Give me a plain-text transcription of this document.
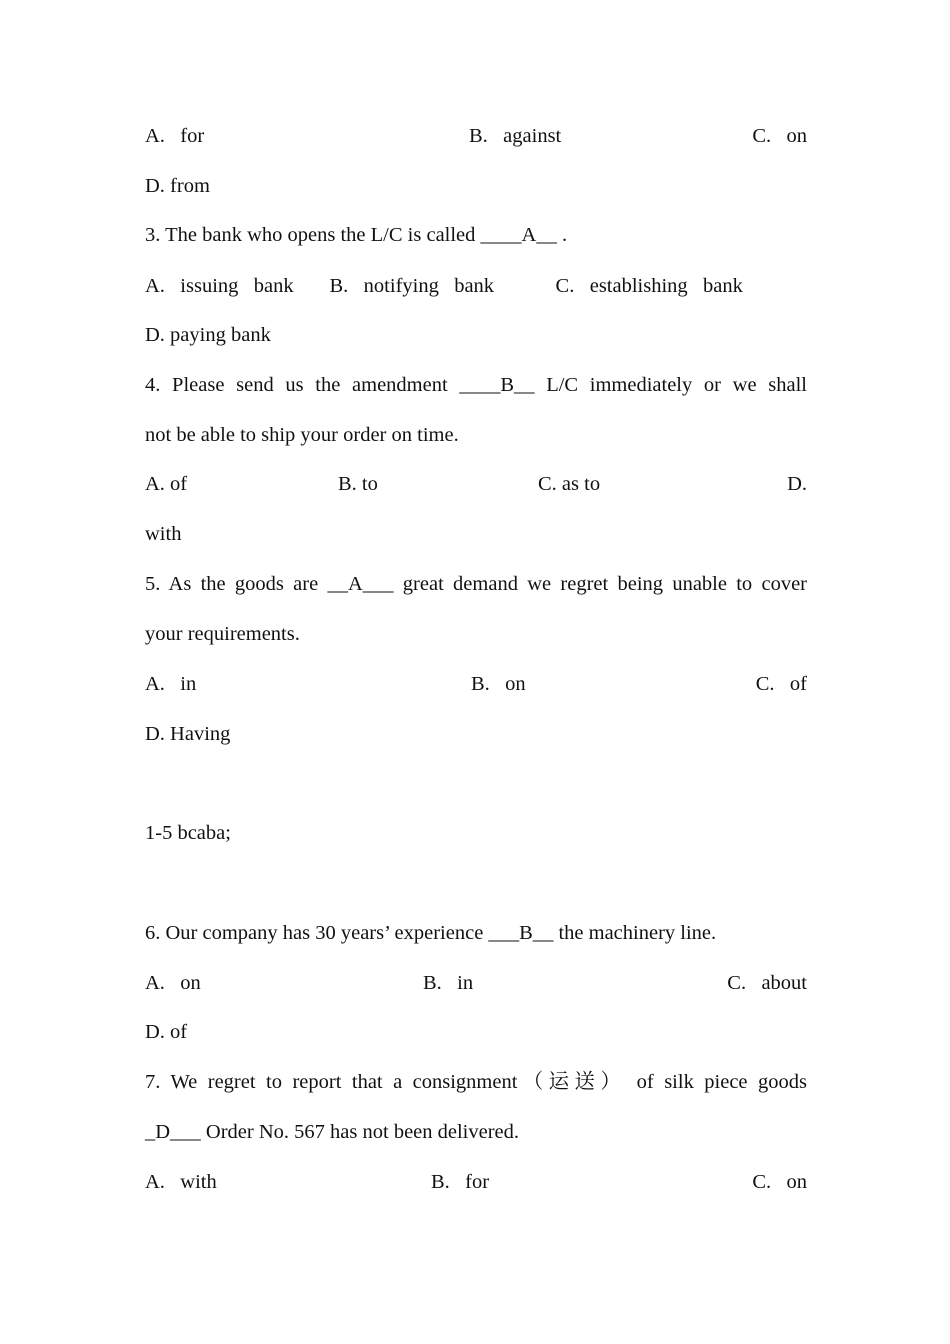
A.   for

	B.   against

	C.   on

D. from
3. The bank who opens the L/C is called ____A__ .
A.   issuing   bank       B.   notifying   bank            C.   establishing   bank
D. paying bank
4. Please send us the amendment ____B__ L/C immediately or we shall
not be able to ship your order on time.

A. of

	B. to

	C. as to

	D.

with
5. As the goods are __A___ great demand we regret being unable to cover
your requirements.

A.   in

	B.   on

	C.   of

D. Having
1-5 bcaba;
6. Our company has 30 years’ experience ___B__ the machinery line.

A.   on

	B.   in

	C.   about

D. of
7. We regret to report that a consignment（运送） of silk piece goods
_D___ Order No. 567 has not been delivered.

A.   with

	B.   for

	C.   on
